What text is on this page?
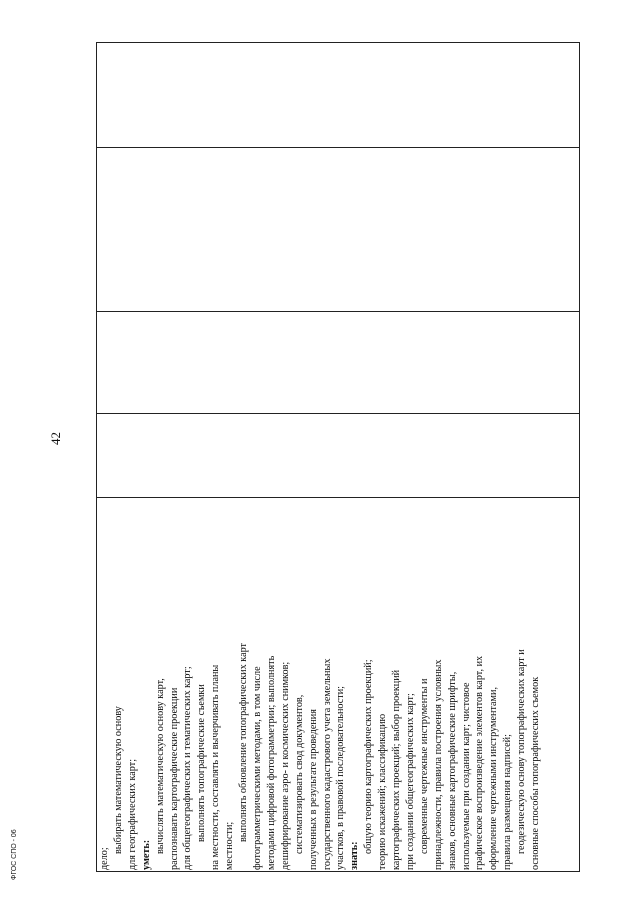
42
ФГОС СПО - 06	дело;
выбирать математическую основу для географических карт; уметь:
вычислять математическую основу карт, распознавать картографические проекции для общегеографических и тематических карт; выполнять топографические съемки на местности, составлять и вычерчивать планы местности;
выполнять обновление топографических карт фотограмметрическими методами, в том числе методами цифровой фотограмметрии; выполнять дешифрирование аэро- и космических снимков; систематизировать свод документов, полученных в результате проведения государственного кадастрового учета земельных участков, в правовой последовательности; знать:
общую теорию картографических проекций; теорию искажений; классификацию картографических проекций; выбор проекций при создании общегеографических карт; современные чертежные инструменты и принадлежности, правила построения условных знаков, основные картографические шрифты, используемые при создании карт; чистовое графическое воспроизведение элементов карт, их оформление чертежными инструментами, правила размещения надписей; геодезическую основу топографических карт и основные способы топографических съемок
